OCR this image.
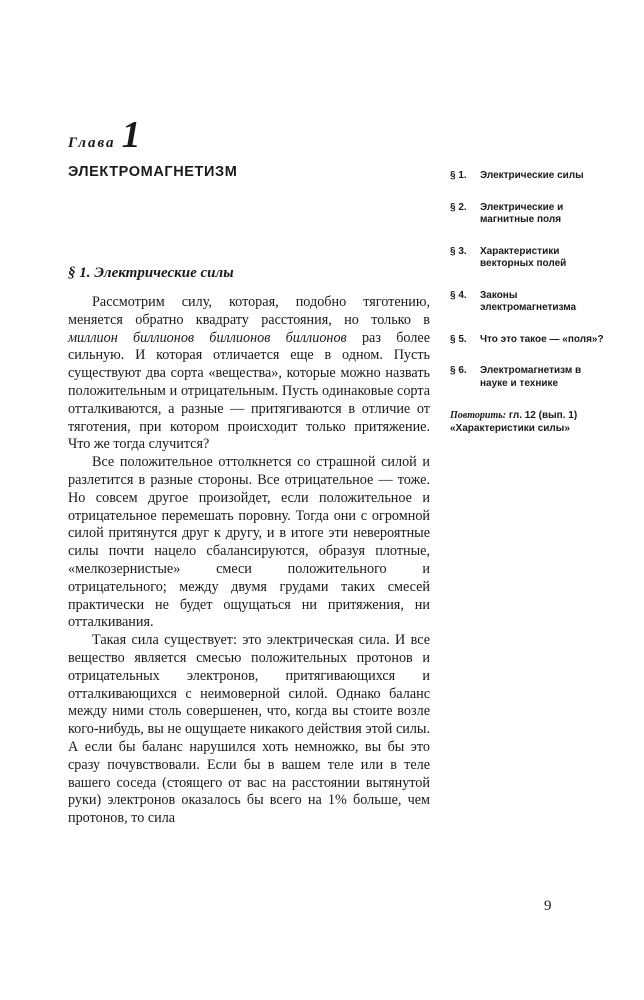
Глава 1
ЭЛЕКТРОМАГНЕТИЗМ
§ 1. Электрические силы

Рассмотрим силу, которая, подобно тяготению, меняется обратно квадрату расстояния, но только в миллион биллионов биллионов биллионов раз более сильную. И которая отличается еще в одном. Пусть существуют два сорта «вещества», которые можно назвать положительным и отрицательным. Пусть одинаковые сорта отталкиваются, а разные — притягиваются в отличие от тяготения, при котором происходит только притяжение. Что же тогда случится?

Все положительное оттолкнется со страшной силой и разлетится в разные стороны. Все отрицательное — тоже. Но совсем другое произойдет, если положительное и отрицательное перемешать поровну. Тогда они с огромной силой притянутся друг к другу, и в итоге эти невероятные силы почти нацело сбалансируются, образуя плотные, «мелкозернистые» смеси положительного и отрицательного; между двумя грудами таких смесей практически не будет ощущаться ни притяжения, ни отталкивания.

Такая сила существует: это электрическая сила. И все вещество является смесью положительных протонов и отрицательных электронов, притягивающихся и отталкивающихся с неимоверной силой. Однако баланс между ними столь совершенен, что, когда вы стоите возле кого-нибудь, вы не ощущаете никакого действия этой силы. А если бы баланс нарушился хоть немножко, вы бы это сразу почувствовали. Если бы в вашем теле или в теле вашего соседа (стоящего от вас на расстоянии вытянутой руки) электронов оказалось бы всего на 1% больше, чем протонов, то сила

§ 1.	Электрические силы
§ 2.	Электрические и магнитные поля
§ 3.	Характеристики векторных полей
§ 4.	Законы электромагнетизма
§ 5.	Что это такое — «поля»?
§ 6.	Электромагнетизм в науке и технике
Повторить: гл. 12 (вып. 1) «Характеристики силы»
9
